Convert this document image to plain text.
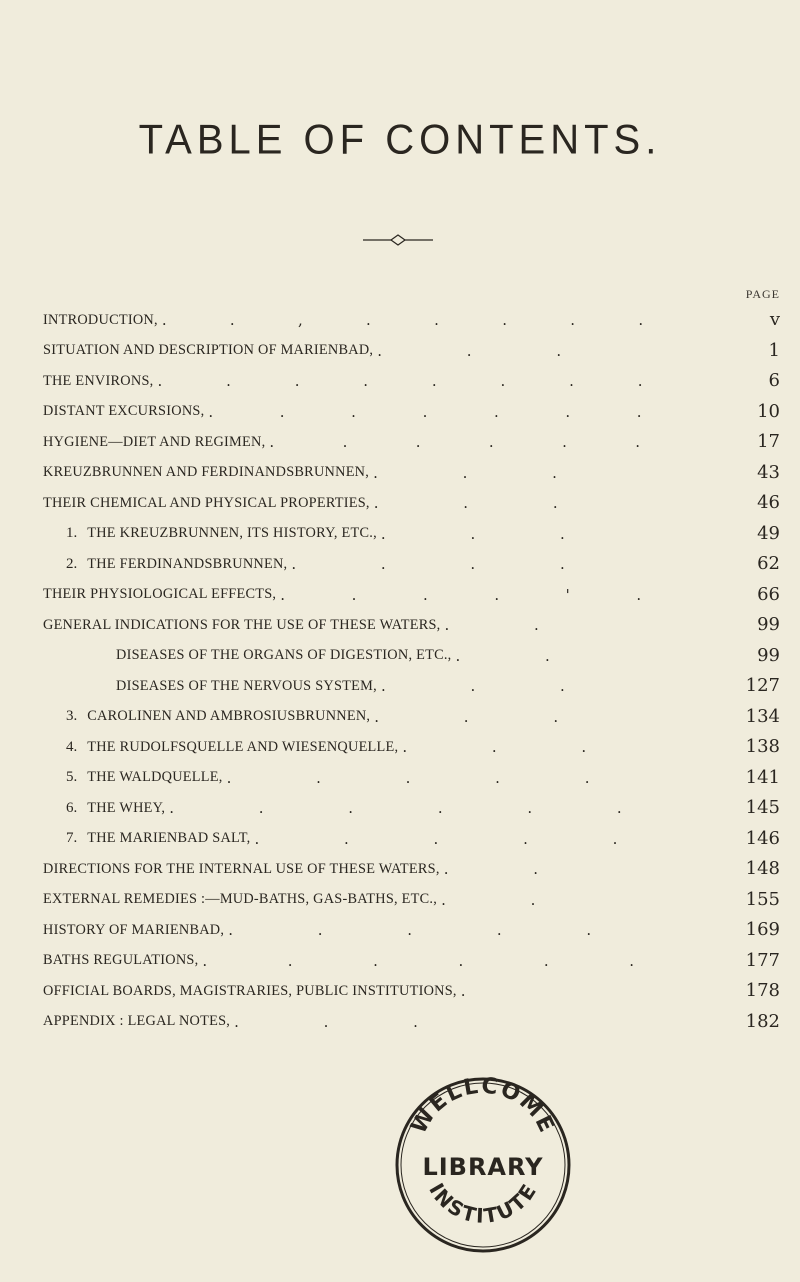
TABLE OF CONTENTS.
PAGE
INTRODUCTION, . . , . . . . .	v
SITUATION AND DESCRIPTION OF MARIENBAD, . . .	1
THE ENVIRONS, . . . . . . . .	6
DISTANT EXCURSIONS, . . . . . . .	10
HYGIENE—DIET AND REGIMEN, . . . . . .	17
KREUZBRUNNEN AND FERDINANDSBRUNNEN, . . .	43
THEIR CHEMICAL AND PHYSICAL PROPERTIES, . . .	46
1. THE KREUZBRUNNEN, ITS HISTORY, ETC., . . .	49
2. THE FERDINANDSBRUNNEN, . . . .	62
THEIR PHYSIOLOGICAL EFFECTS, . . . . ' .	66
GENERAL INDICATIONS FOR THE USE OF THESE WATERS, . .	99
DISEASES OF THE ORGANS OF DIGESTION, ETC., . .	99
DISEASES OF THE NERVOUS SYSTEM, . . .	127
3. CAROLINEN AND AMBROSIUSBRUNNEN, . . .	134
4. THE RUDOLFSQUELLE AND WIESENQUELLE, . . .	138
5. THE WALDQUELLE, . . . . .	141
6. THE WHEY, . . . . . .	145
7. THE MARIENBAD SALT, . . . . .	146
DIRECTIONS FOR THE INTERNAL USE OF THESE WATERS, . .	148
EXTERNAL REMEDIES :—MUD-BATHS, GAS-BATHS, ETC., . .	155
HISTORY OF MARIENBAD, . . . . .	169
BATHS REGULATIONS, . . . . . .	177
OFFICIAL BOARDS, MAGISTRARIES, PUBLIC INSTITUTIONS, .	178
APPENDIX : LEGAL NOTES, . . .	182
WELLCOME
LIBRARY
INSTITUTE
